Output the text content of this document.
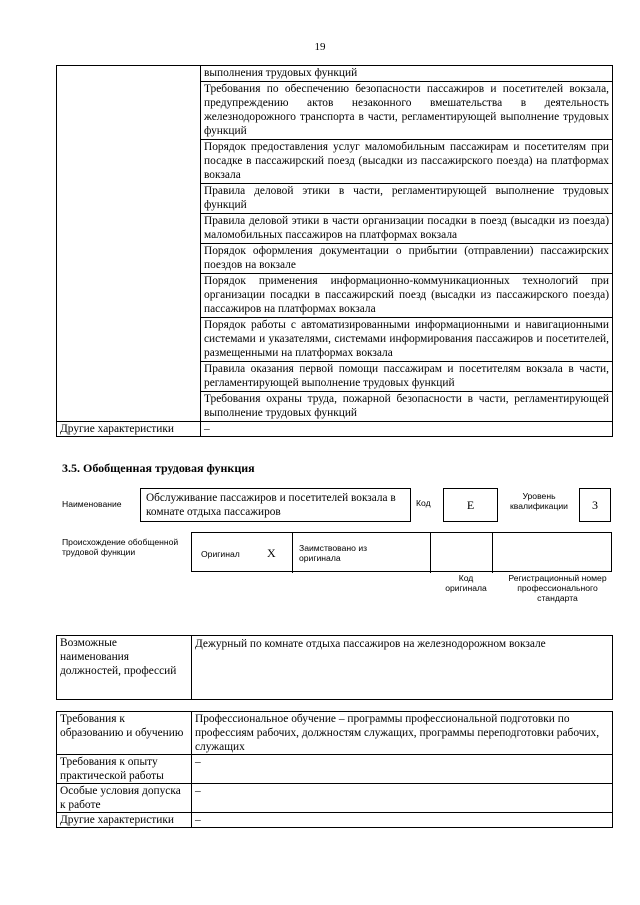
19
	выполнения трудовых функций
	Требования по обеспечению безопасности пассажиров и посетителей вокзала, предупреждению актов незаконного вмешательства в деятельность железнодорожного транспорта в части, регламентирующей выполнение трудовых функций
	Порядок предоставления услуг маломобильным пассажирам и посетителям при посадке в пассажирский поезд (высадки из пассажирского поезда) на платформах вокзала
	Правила деловой этики в части, регламентирующей выполнение трудовых функций
	Правила деловой этики в части организации посадки в поезд (высадки из поезда) маломобильных пассажиров на платформах вокзала
	Порядок оформления документации о прибытии (отправлении) пассажирских поездов на вокзале
	Порядок применения информационно-коммуникационных технологий при организации посадки в пассажирский поезд (высадки из пассажирского поезда) пассажиров на платформах вокзала
	Порядок работы с автоматизированными информационными и навигационными системами и указателями, системами информирования пассажиров и посетителей, размещенными на платформах вокзала
	Правила оказания первой помощи пассажирам и посетителям вокзала в части, регламентирующей выполнение трудовых функций
	Требования охраны труда, пожарной безопасности в части, регламентирующей выполнение трудовых функций
Другие характеристики	–
3.5. Обобщенная трудовая функция
Наименование	Обслуживание пассажиров и посетителей вокзала в комнате отдыха пассажиров
Код	E
Уровень квалификации	3
Происхождение обобщенной трудовой функции	Оригинал X	Заимствовано из оригинала
Код оригинала
Регистрационный номер профессионального стандарта
Возможные наименования должностей, профессий	Дежурный по комнате отдыха пассажиров на железнодорожном вокзале
Требования к образованию и обучению	Профессиональное обучение – программы профессиональной подготовки по профессиям рабочих, должностям служащих, программы переподготовки рабочих, служащих
Требования к опыту практической работы	–
Особые условия допуска к работе	–
Другие характеристики	–
